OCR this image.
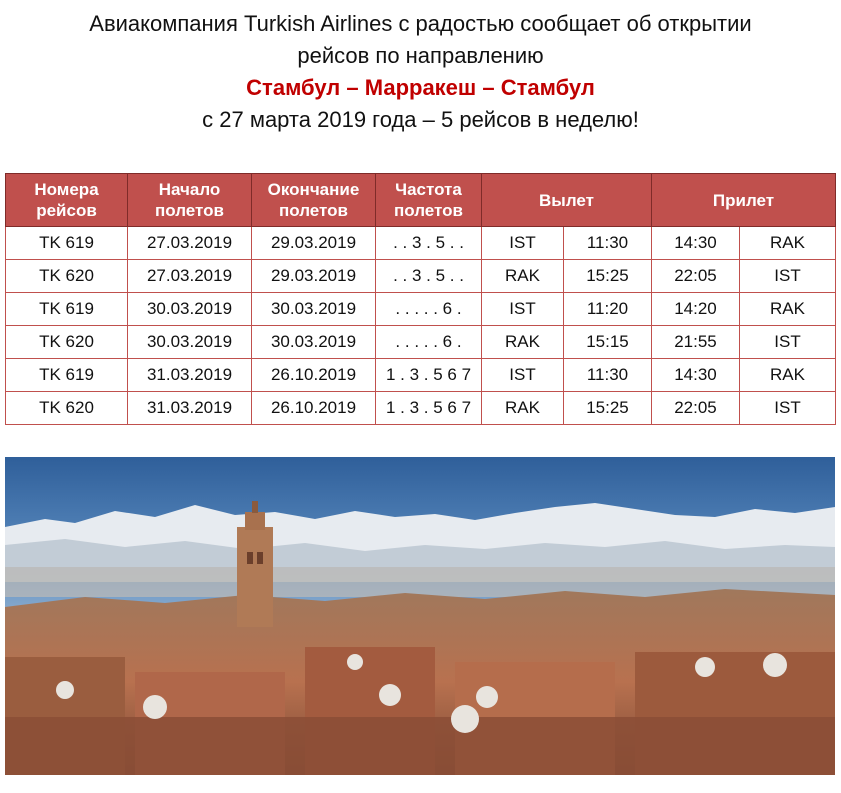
Авиакомпания Turkish Airlines с радостью сообщает об открытии
рейсов по направлению
Стамбул – Марракеш – Стамбул
с 27 марта 2019 года – 5 рейсов в неделю!
Номера рейсов	Начало полетов	Окончание полетов	Частота полетов	Вылет		Прилет	
TK 619	27.03.2019	29.03.2019	. . 3 . 5 . .	IST	11:30	14:30	RAK
TK 620	27.03.2019	29.03.2019	. . 3 . 5 . .	RAK	15:25	22:05	IST
TK 619	30.03.2019	30.03.2019	. . . . . 6 .	IST	11:20	14:20	RAK
TK 620	30.03.2019	30.03.2019	. . . . . 6 .	RAK	15:15	21:55	IST
TK 619	31.03.2019	26.10.2019	1 . 3 . 5 6 7	IST	11:30	14:30	RAK
TK 620	31.03.2019	26.10.2019	1 . 3 . 5 6 7	RAK	15:25	22:05	IST
